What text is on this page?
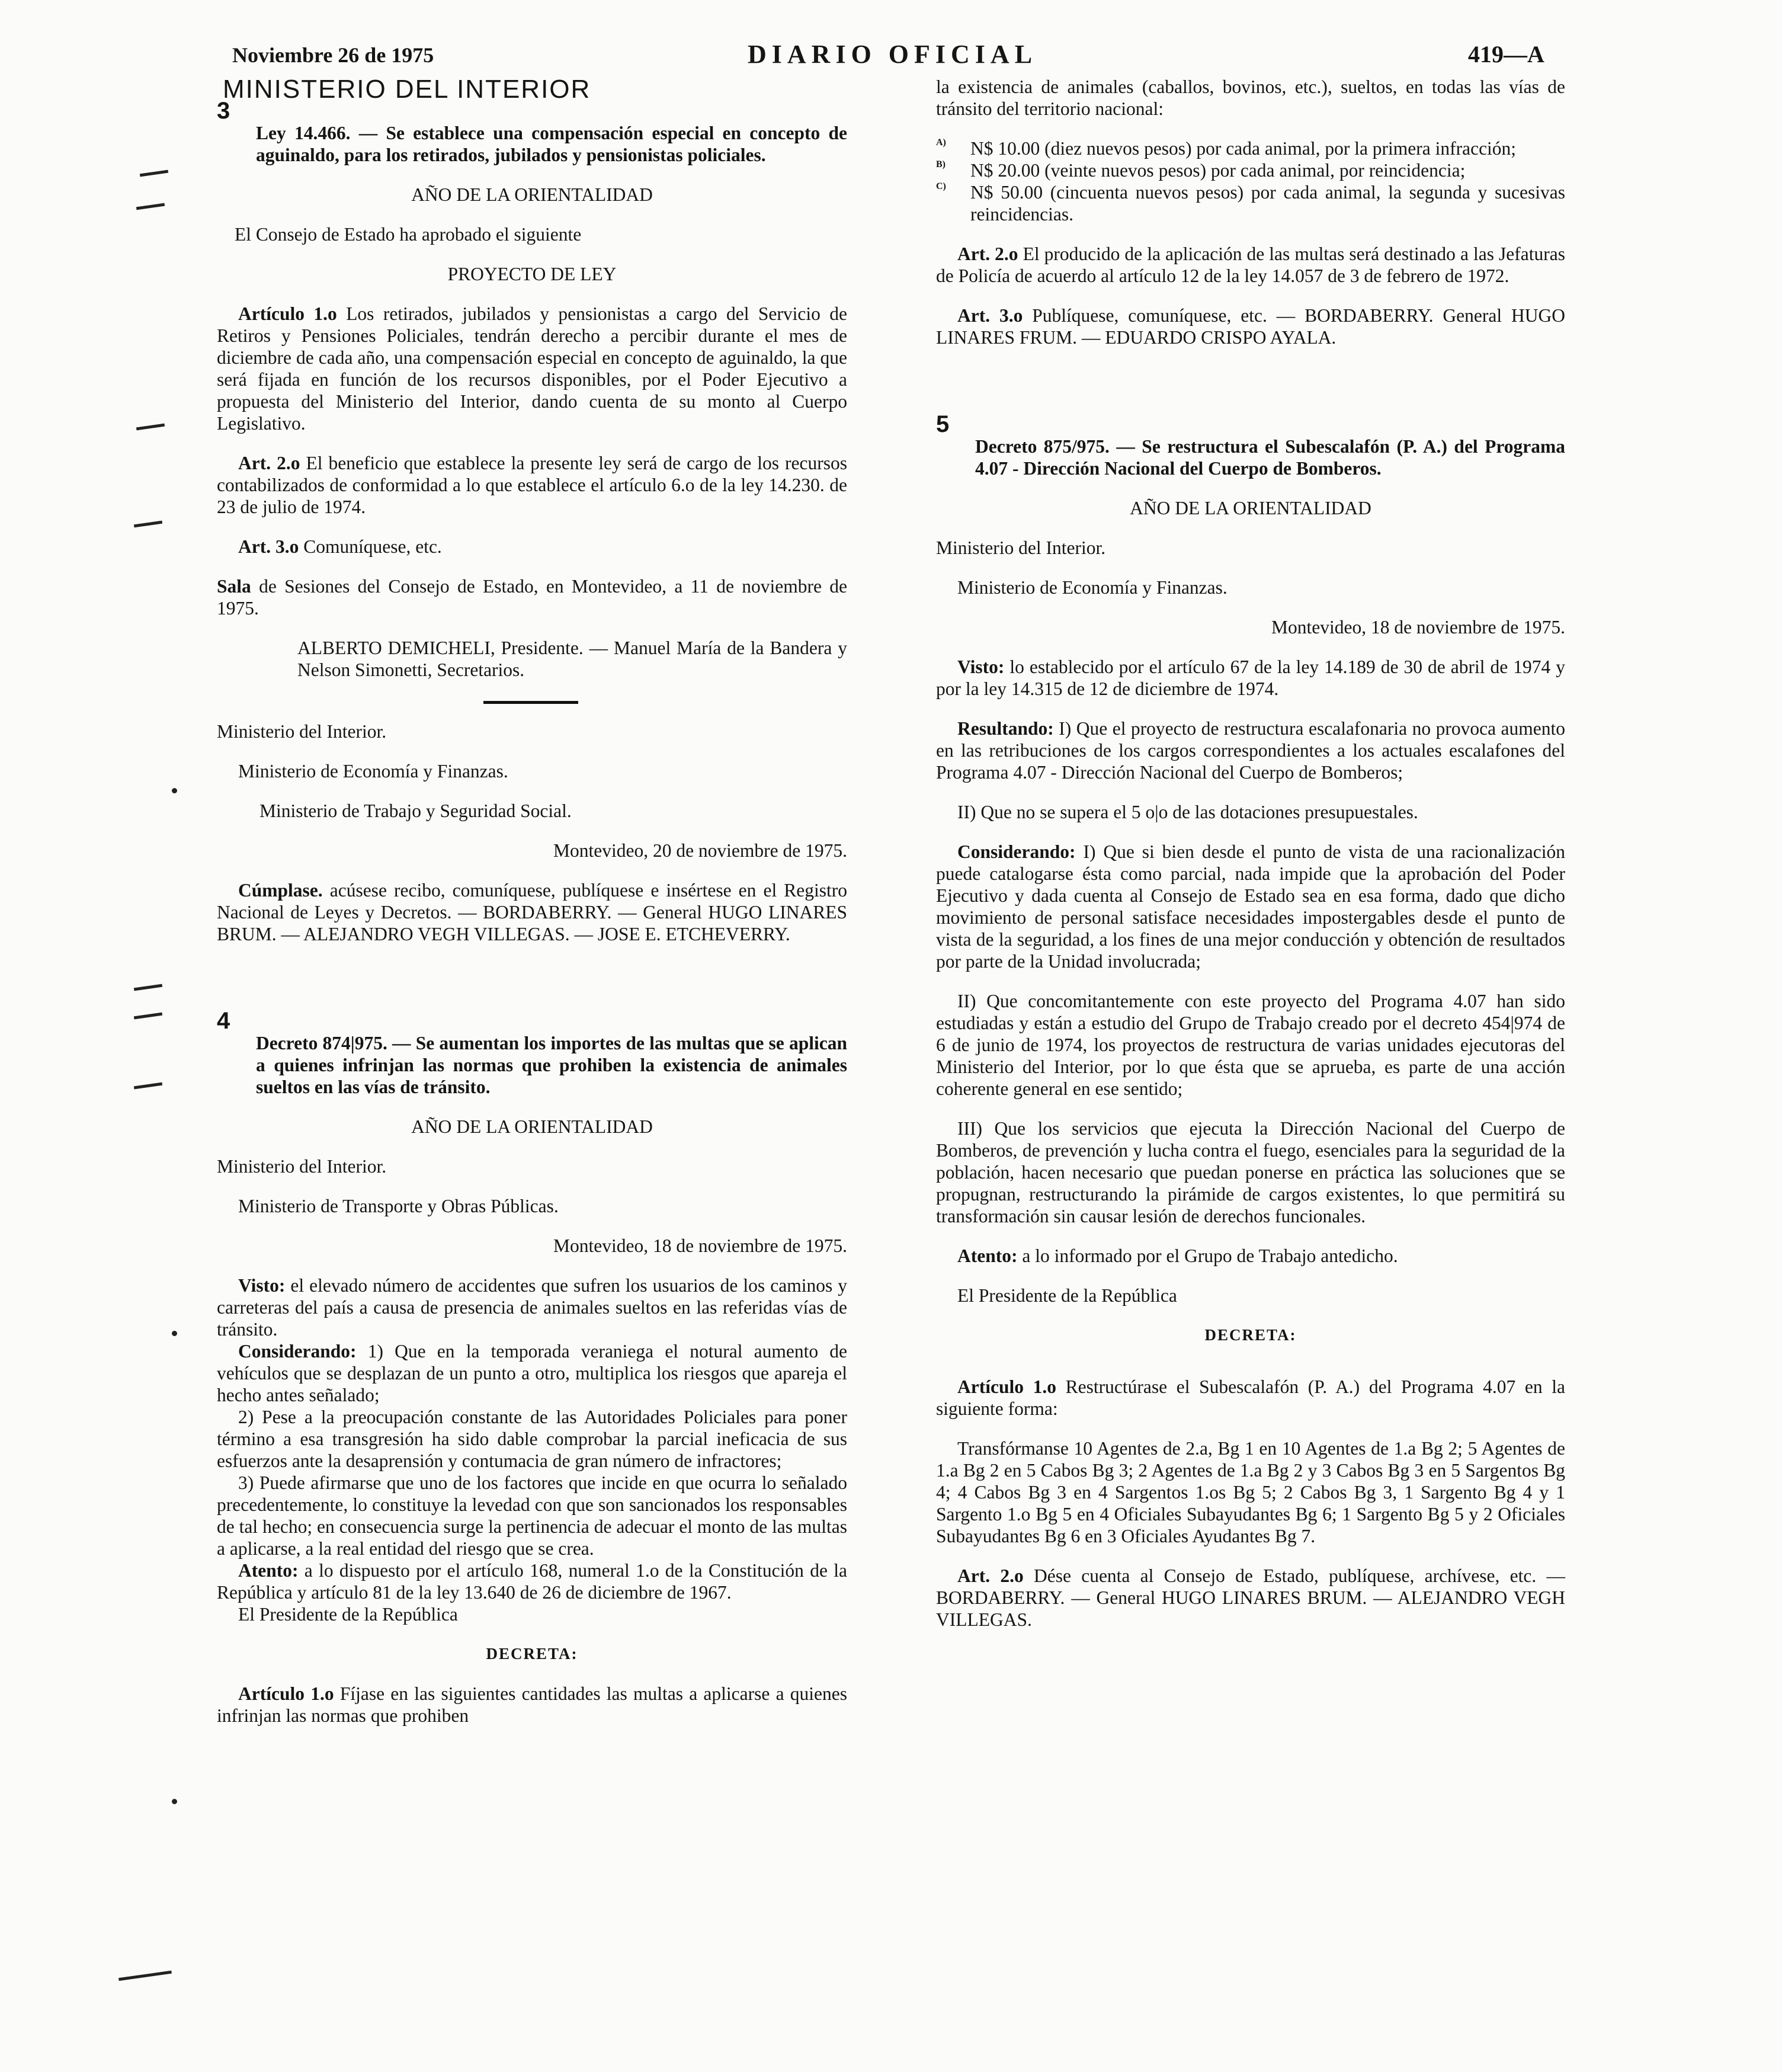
Noviembre 26 de 1975	DIARIO OFICIAL	419—A

MINISTERIO DEL INTERIOR

3

Ley 14.466. — Se establece una compensación especial en concepto de aguinaldo, para los retirados, jubilados y pensionistas policiales.

AÑO DE LA ORIENTALIDAD

El Consejo de Estado ha aprobado el siguiente

PROYECTO DE LEY

Artículo 1.o Los retirados, jubilados y pensionistas a cargo del Servicio de Retiros y Pensiones Policiales, tendrán derecho a percibir durante el mes de diciembre de cada año, una compensación especial en concepto de aguinaldo, la que será fijada en función de los recursos disponibles, por el Poder Ejecutivo a propuesta del Ministerio del Interior, dando cuenta de su monto al Cuerpo Legislativo.

Art. 2.o El beneficio que establece la presente ley será de cargo de los recursos contabilizados de conformidad a lo que establece el artículo 6.o de la ley 14.230. de 23 de julio de 1974.

Art. 3.o Comuníquese, etc.

Sala de Sesiones del Consejo de Estado, en Montevideo, a 11 de noviembre de 1975.

ALBERTO DEMICHELI, Presidente. — Manuel María de la Bandera y Nelson Simonetti, Secretarios.

Ministerio del Interior.

Ministerio de Economía y Finanzas.

Ministerio de Trabajo y Seguridad Social.

Montevideo, 20 de noviembre de 1975.

Cúmplase. acúsese recibo, comuníquese, publíquese e insértese en el Registro Nacional de Leyes y Decretos. — BORDABERRY. — General HUGO LINARES BRUM. — ALEJANDRO VEGH VILLEGAS. — JOSE E. ETCHEVERRY.

4

Decreto 874|975. — Se aumentan los importes de las multas que se aplican a quienes infrinjan las normas que prohiben la existencia de animales sueltos en las vías de tránsito.

AÑO DE LA ORIENTALIDAD

Ministerio del Interior.

Ministerio de Transporte y Obras Públicas.

Montevideo, 18 de noviembre de 1975.

Visto: el elevado número de accidentes que sufren los usuarios de los caminos y carreteras del país a causa de presencia de animales sueltos en las referidas vías de tránsito.

Considerando: 1) Que en la temporada veraniega el notural aumento de vehículos que se desplazan de un punto a otro, multiplica los riesgos que apareja el hecho antes señalado;

2) Pese a la preocupación constante de las Autoridades Policiales para poner término a esa transgresión ha sido dable comprobar la parcial ineficacia de sus esfuerzos ante la desaprensión y contumacia de gran número de infractores;

3) Puede afirmarse que uno de los factores que incide en que ocurra lo señalado precedentemente, lo constituye la levedad con que son sancionados los responsables de tal hecho; en consecuencia surge la pertinencia de adecuar el monto de las multas a aplicarse, a la real entidad del riesgo que se crea.

Atento: a lo dispuesto por el artículo 168, numeral 1.o de la Constitución de la República y artículo 81 de la ley 13.640 de 26 de diciembre de 1967.

El Presidente de la República

DECRETA:

Artículo 1.o Fíjase en las siguientes cantidades las multas a aplicarse a quienes infrinjan las normas que prohiben

la existencia de animales (caballos, bovinos, etc.), sueltos, en todas las vías de tránsito del territorio nacional:

A)	N$ 10.00 (diez nuevos pesos) por cada animal, por la primera infracción;

B)	N$ 20.00 (veinte nuevos pesos) por cada animal, por reincidencia;

C)	N$ 50.00 (cincuenta nuevos pesos) por cada animal, la segunda y sucesivas reincidencias.

Art. 2.o El producido de la aplicación de las multas será destinado a las Jefaturas de Policía de acuerdo al artículo 12 de la ley 14.057 de 3 de febrero de 1972.

Art. 3.o Publíquese, comuníquese, etc. — BORDABERRY. General HUGO LINARES FRUM. — EDUARDO CRISPO AYALA.

5

Decreto 875/975. — Se restructura el Subescalafón (P. A.) del Programa 4.07 - Dirección Nacional del Cuerpo de Bomberos.

AÑO DE LA ORIENTALIDAD

Ministerio del Interior.

Ministerio de Economía y Finanzas.

Montevideo, 18 de noviembre de 1975.

Visto: lo establecido por el artículo 67 de la ley 14.189 de 30 de abril de 1974 y por la ley 14.315 de 12 de diciembre de 1974.

Resultando: I) Que el proyecto de restructura escalafonaria no provoca aumento en las retribuciones de los cargos correspondientes a los actuales escalafones del Programa 4.07 - Dirección Nacional del Cuerpo de Bomberos;

II) Que no se supera el 5 o|o de las dotaciones presupuestales.

Considerando: I) Que si bien desde el punto de vista de una racionalización puede catalogarse ésta como parcial, nada impide que la aprobación del Poder Ejecutivo y dada cuenta al Consejo de Estado sea en esa forma, dado que dicho movimiento de personal satisface necesidades impostergables desde el punto de vista de la seguridad, a los fines de una mejor conducción y obtención de resultados por parte de la Unidad involucrada;

II) Que concomitantemente con este proyecto del Programa 4.07 han sido estudiadas y están a estudio del Grupo de Trabajo creado por el decreto 454|974 de 6 de junio de 1974, los proyectos de restructura de varias unidades ejecutoras del Ministerio del Interior, por lo que ésta que se aprueba, es parte de una acción coherente general en ese sentido;

III) Que los servicios que ejecuta la Dirección Nacional del Cuerpo de Bomberos, de prevención y lucha contra el fuego, esenciales para la seguridad de la población, hacen necesario que puedan ponerse en práctica las soluciones que se propugnan, restructurando la pirámide de cargos existentes, lo que permitirá su transformación sin causar lesión de derechos funcionales.

Atento: a lo informado por el Grupo de Trabajo antedicho.

El Presidente de la República

DECRETA:

Artículo 1.o Restructúrase el Subescalafón (P. A.) del Programa 4.07 en la siguiente forma:

Transfórmanse 10 Agentes de 2.a, Bg 1 en 10 Agentes de 1.a Bg 2; 5 Agentes de 1.a Bg 2 en 5 Cabos Bg 3; 2 Agentes de 1.a Bg 2 y 3 Cabos Bg 3 en 5 Sargentos Bg 4; 4 Cabos Bg 3 en 4 Sargentos 1.os Bg 5; 2 Cabos Bg 3, 1 Sargento Bg 4 y 1 Sargento 1.o Bg 5 en 4 Oficiales Subayudantes Bg 6; 1 Sargento Bg 5 y 2 Oficiales Subayudantes Bg 6 en 3 Oficiales Ayudantes Bg 7.

Art. 2.o Dése cuenta al Consejo de Estado, publíquese, archívese, etc. — BORDABERRY. — General HUGO LINARES BRUM. — ALEJANDRO VEGH VILLEGAS.
